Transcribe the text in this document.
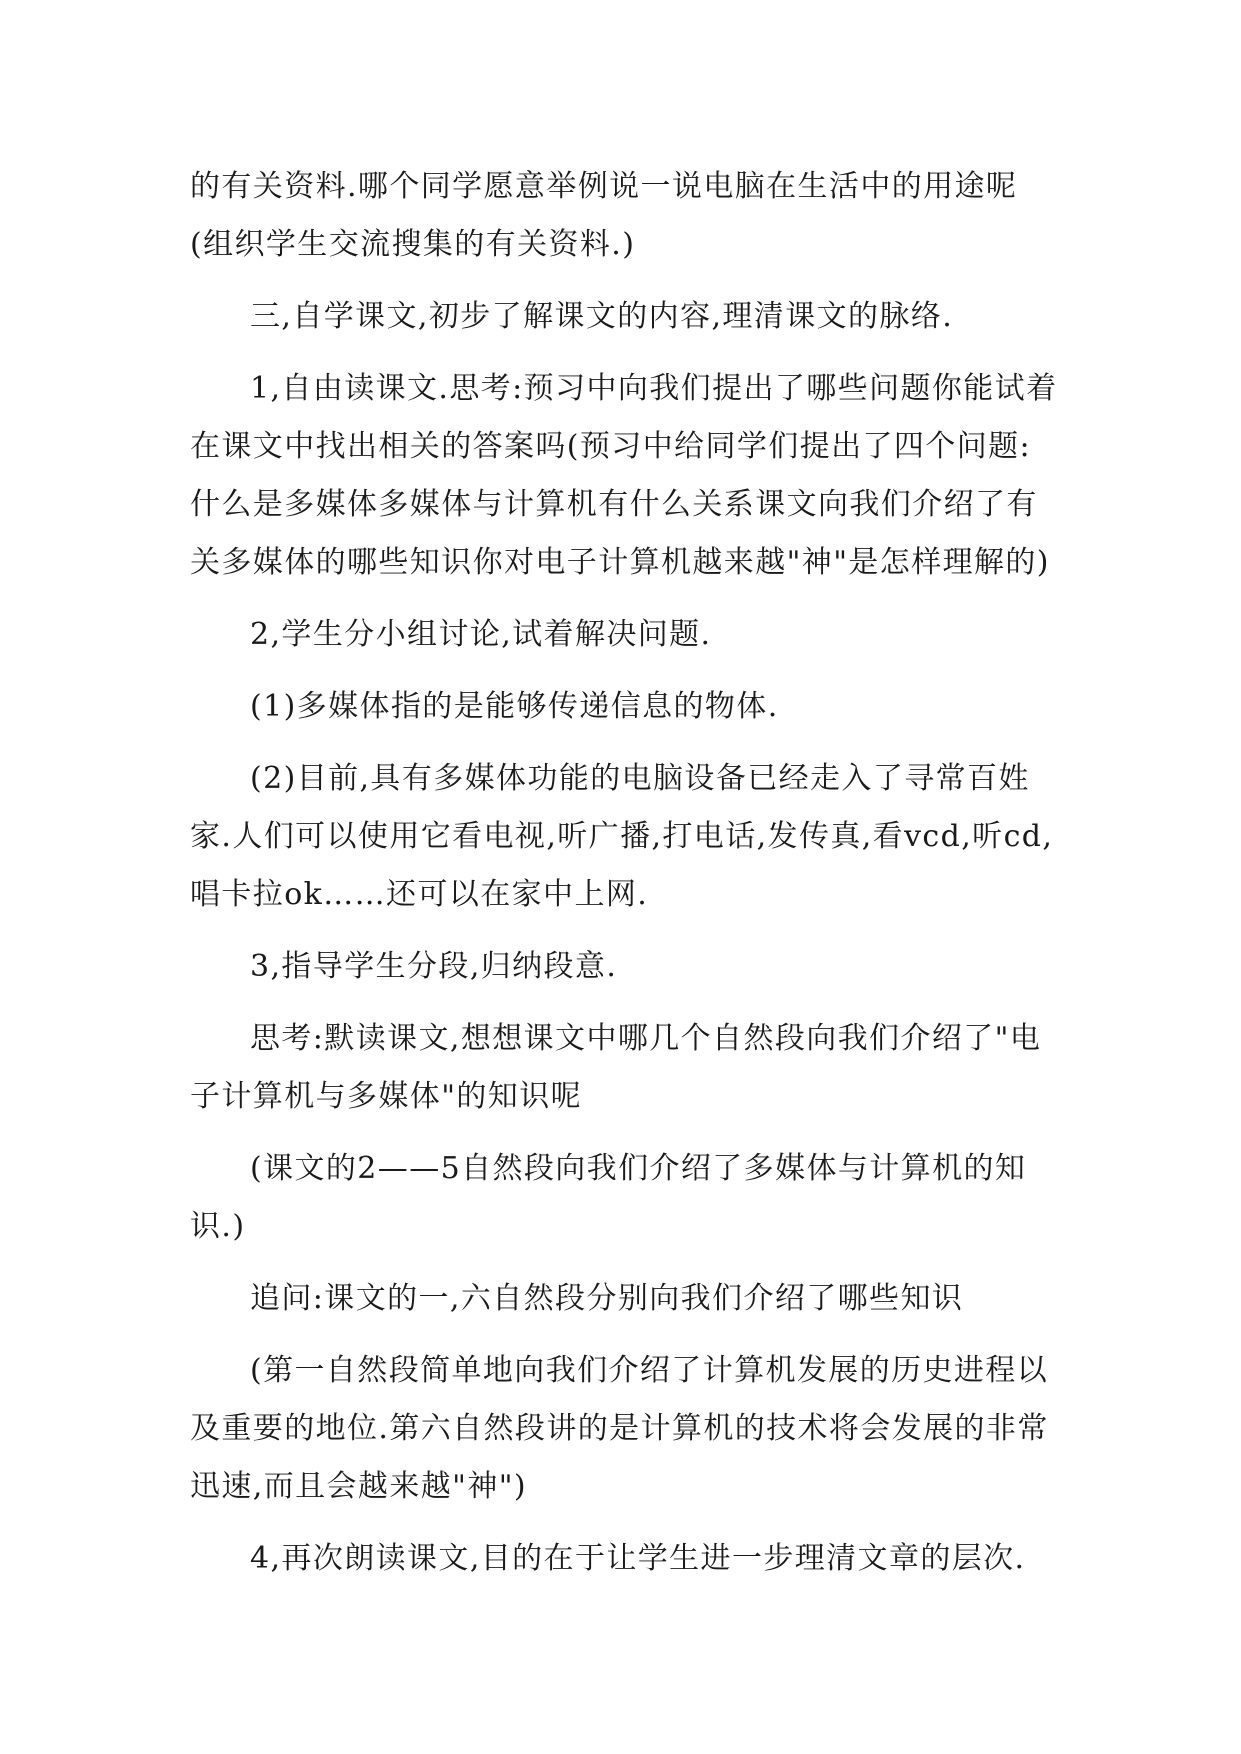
的有关资料.哪个同学愿意举例说一说电脑在生活中的用途呢(组织学生交流搜集的有关资料.)

三,自学课文,初步了解课文的内容,理清课文的脉络.

1,自由读课文.思考:预习中向我们提出了哪些问题你能试着在课文中找出相关的答案吗(预习中给同学们提出了四个问题:什么是多媒体多媒体与计算机有什么关系课文向我们介绍了有关多媒体的哪些知识你对电子计算机越来越"神"是怎样理解的)

2,学生分小组讨论,试着解决问题.

(1)多媒体指的是能够传递信息的物体.

(2)目前,具有多媒体功能的电脑设备已经走入了寻常百姓家.人们可以使用它看电视,听广播,打电话,发传真,看vcd,听cd,唱卡拉ok……还可以在家中上网.

3,指导学生分段,归纳段意.

思考:默读课文,想想课文中哪几个自然段向我们介绍了"电子计算机与多媒体"的知识呢

(课文的2——5自然段向我们介绍了多媒体与计算机的知识.)

追问:课文的一,六自然段分别向我们介绍了哪些知识

(第一自然段简单地向我们介绍了计算机发展的历史进程以及重要的地位.第六自然段讲的是计算机的技术将会发展的非常迅速,而且会越来越"神")

4,再次朗读课文,目的在于让学生进一步理清文章的层次.
